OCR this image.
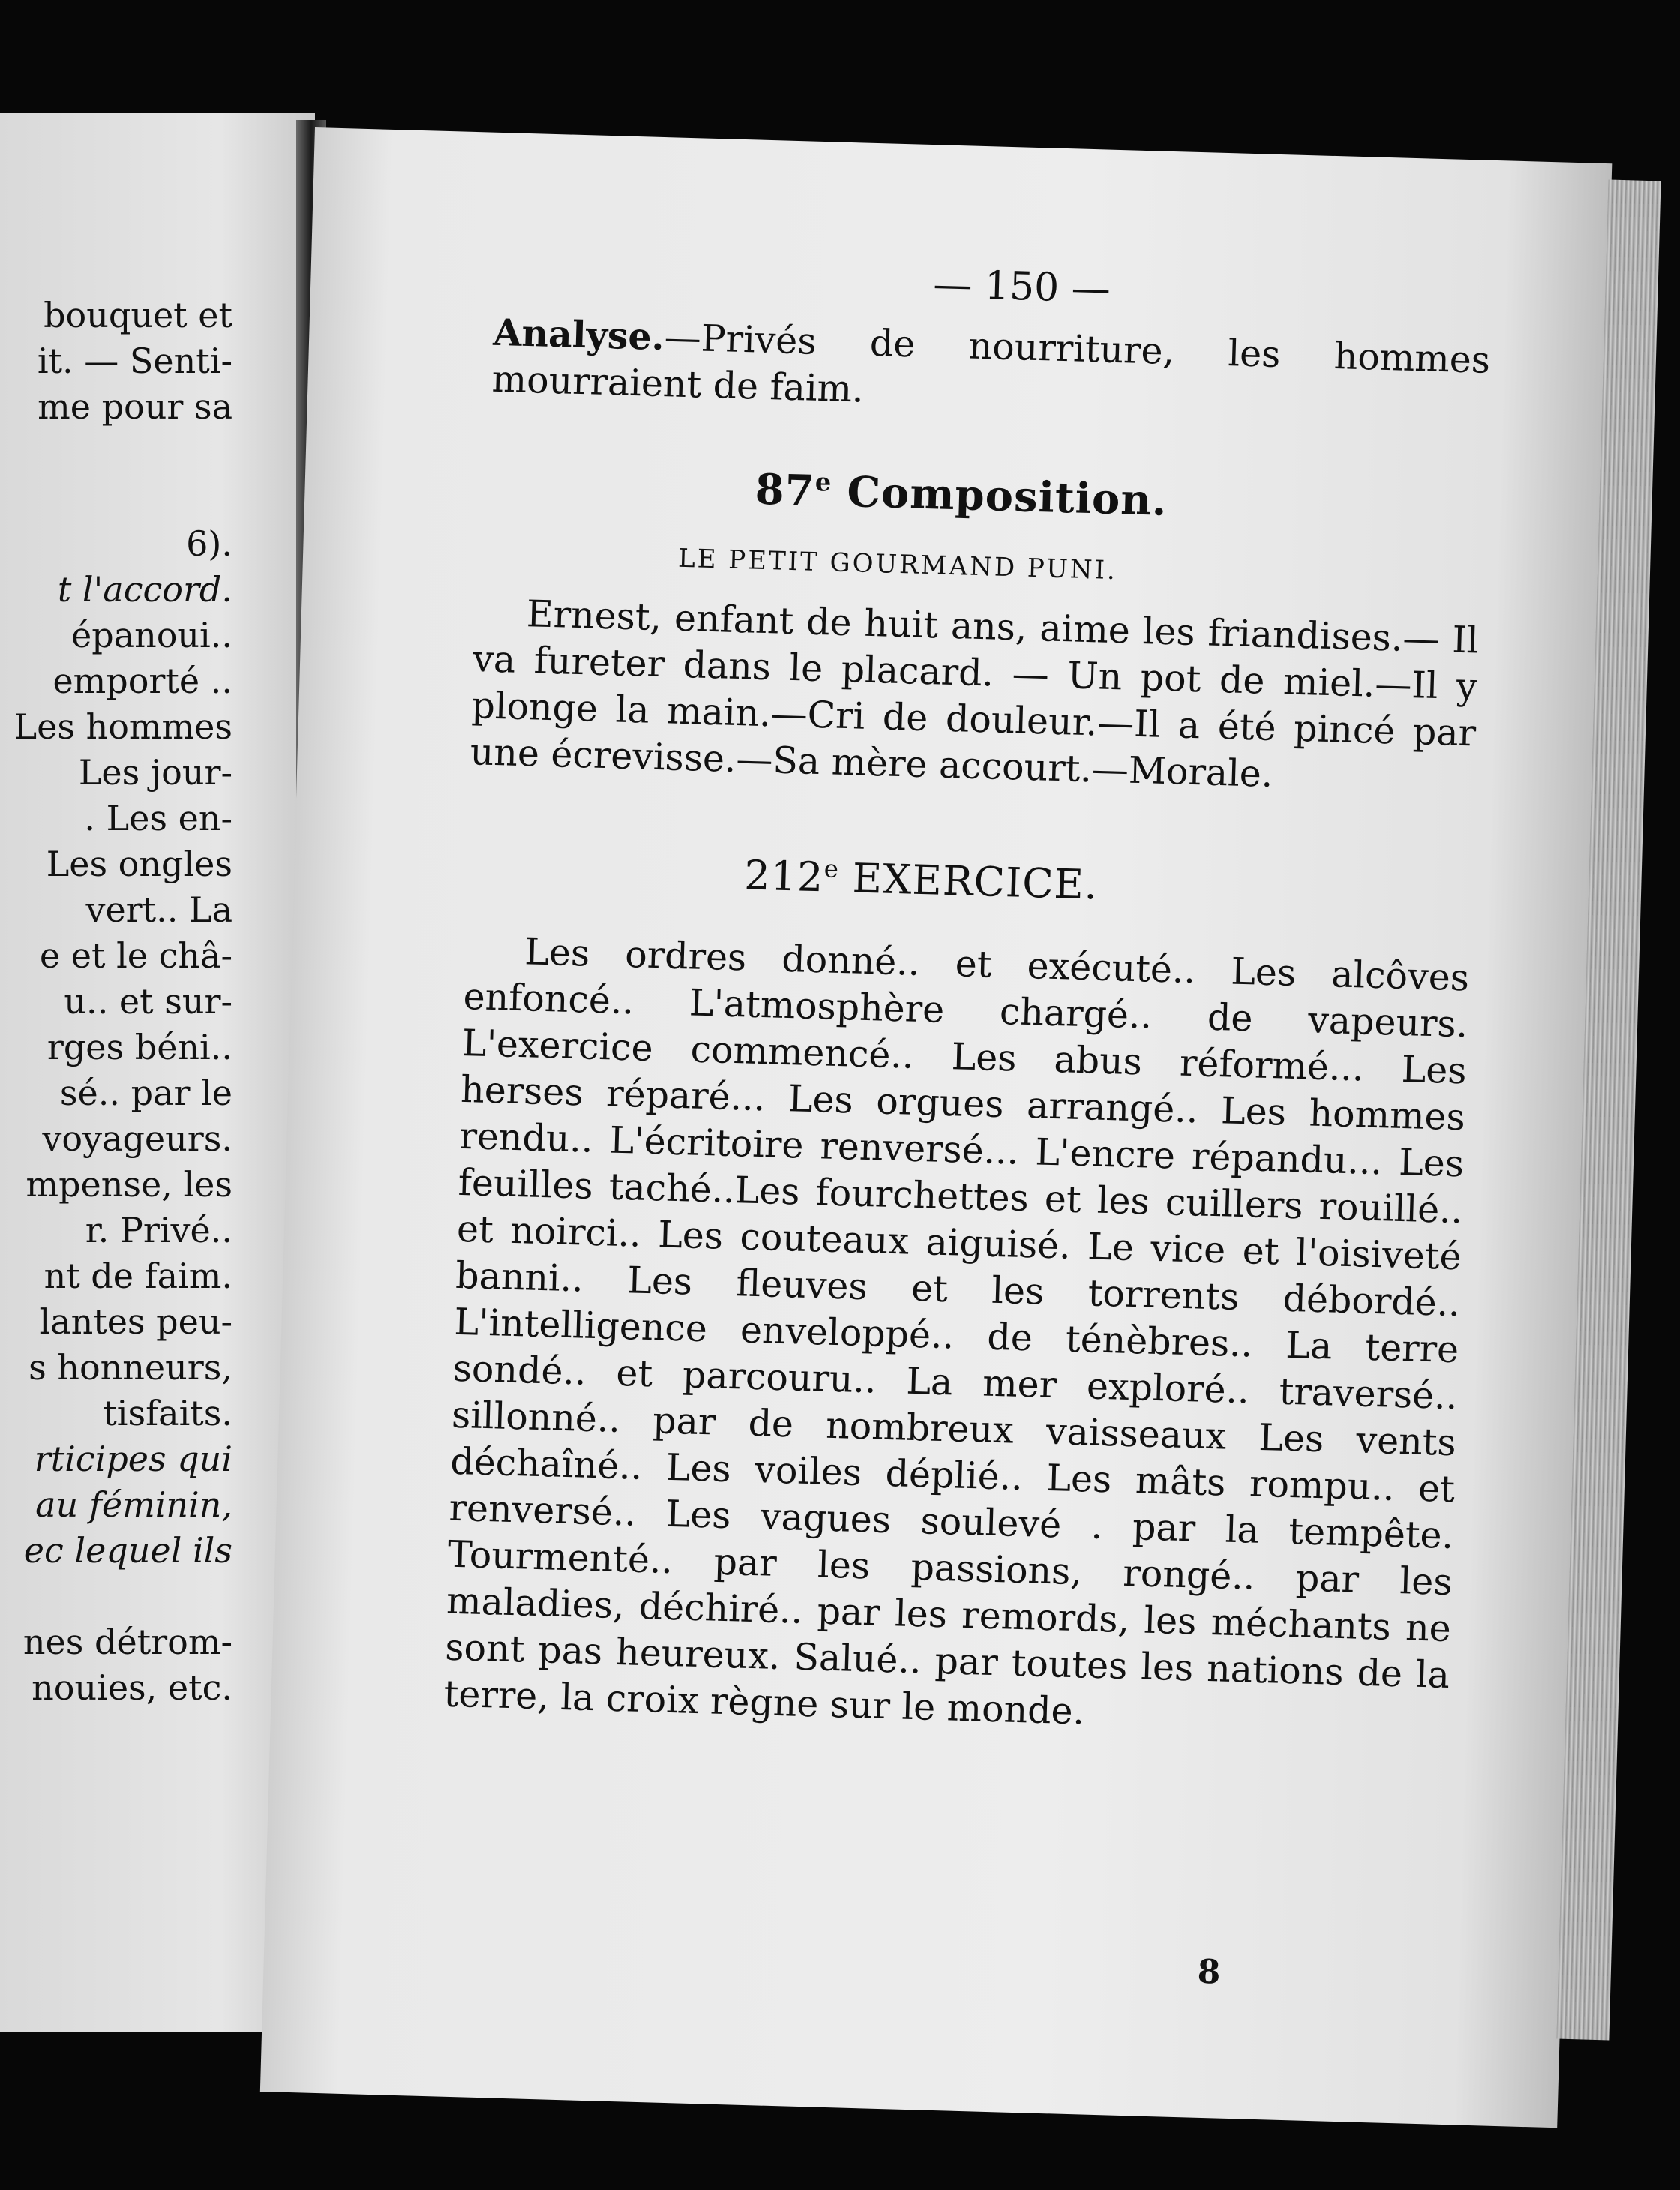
bouquet et
it. — Senti-
me pour sa
6).
t l'accord.
épanoui..
emporté ..
Les hommes
Les jour-
. Les en-
Les ongles
vert.. La
e et le châ-
u.. et sur-
rges béni..
sé.. par le
voyageurs.
mpense, les
r. Privé..
nt de faim.
lantes peu-
s honneurs,
tisfaits.
rticipes qui
au féminin,
ec lequel ils
nes détrom-
nouies, etc.
— 150 —
Analyse.—Privés de nourriture, les hommes mourraient de faim.
87e Composition.
LE PETIT GOURMAND PUNI.
Ernest, enfant de huit ans, aime les friandises.— Il va fureter dans le placard. — Un pot de miel.—Il y plonge la main.—Cri de douleur.—Il a été pincé par une écrevisse.—Sa mère accourt.—Morale.
212e EXERCICE.
Les ordres donné.. et exécuté.. Les alcôves enfoncé.. L'atmosphère chargé.. de vapeurs. L'exercice commencé.. Les abus réformé... Les herses réparé... Les orgues arrangé.. Les hommes rendu.. L'écritoire renversé... L'encre répandu... Les feuilles taché..Les fourchettes et les cuillers rouillé.. et noirci.. Les couteaux aiguisé. Le vice et l'oisiveté banni.. Les fleuves et les torrents débordé.. L'intelligence enveloppé.. de ténèbres.. La terre sondé.. et parcouru.. La mer exploré.. traversé.. sillonné.. par de nombreux vaisseaux Les vents déchaîné.. Les voiles déplié.. Les mâts rompu.. et renversé.. Les vagues soulevé . par la tempête. Tourmenté.. par les passions, rongé.. par les maladies, déchiré.. par les remords, les méchants ne sont pas heureux. Salué.. par toutes les nations de la terre, la croix règne sur le monde.
8
